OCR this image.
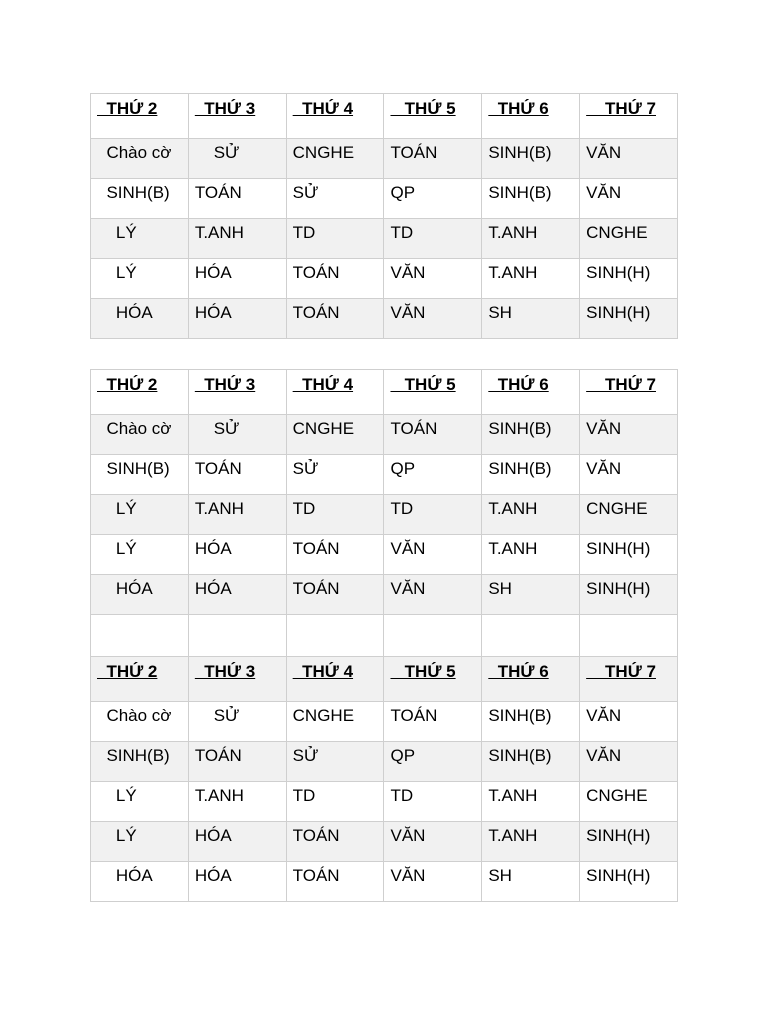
THỨ 2	THỨ 3	THỨ 4	THỨ 5	THỨ 6	THỨ 7
Chào cờ	SỬ	CNGHE	TOÁN	SINH(B)	VĂN
SINH(B)	TOÁN	SỬ	QP	SINH(B)	VĂN
LÝ	T.ANH	TD	TD	T.ANH	CNGHE
LÝ	HÓA	TOÁN	VĂN	T.ANH	SINH(H)
HÓA	HÓA	TOÁN	VĂN	SH	SINH(H)
THỨ 2	THỨ 3	THỨ 4	THỨ 5	THỨ 6	THỨ 7
Chào cờ	SỬ	CNGHE	TOÁN	SINH(B)	VĂN
SINH(B)	TOÁN	SỬ	QP	SINH(B)	VĂN
LÝ	T.ANH	TD	TD	T.ANH	CNGHE
LÝ	HÓA	TOÁN	VĂN	T.ANH	SINH(H)
HÓA	HÓA	TOÁN	VĂN	SH	SINH(H)

THỨ 2	THỨ 3	THỨ 4	THỨ 5	THỨ 6	THỨ 7
Chào cờ	SỬ	CNGHE	TOÁN	SINH(B)	VĂN
SINH(B)	TOÁN	SỬ	QP	SINH(B)	VĂN
LÝ	T.ANH	TD	TD	T.ANH	CNGHE
LÝ	HÓA	TOÁN	VĂN	T.ANH	SINH(H)
HÓA	HÓA	TOÁN	VĂN	SH	SINH(H)
